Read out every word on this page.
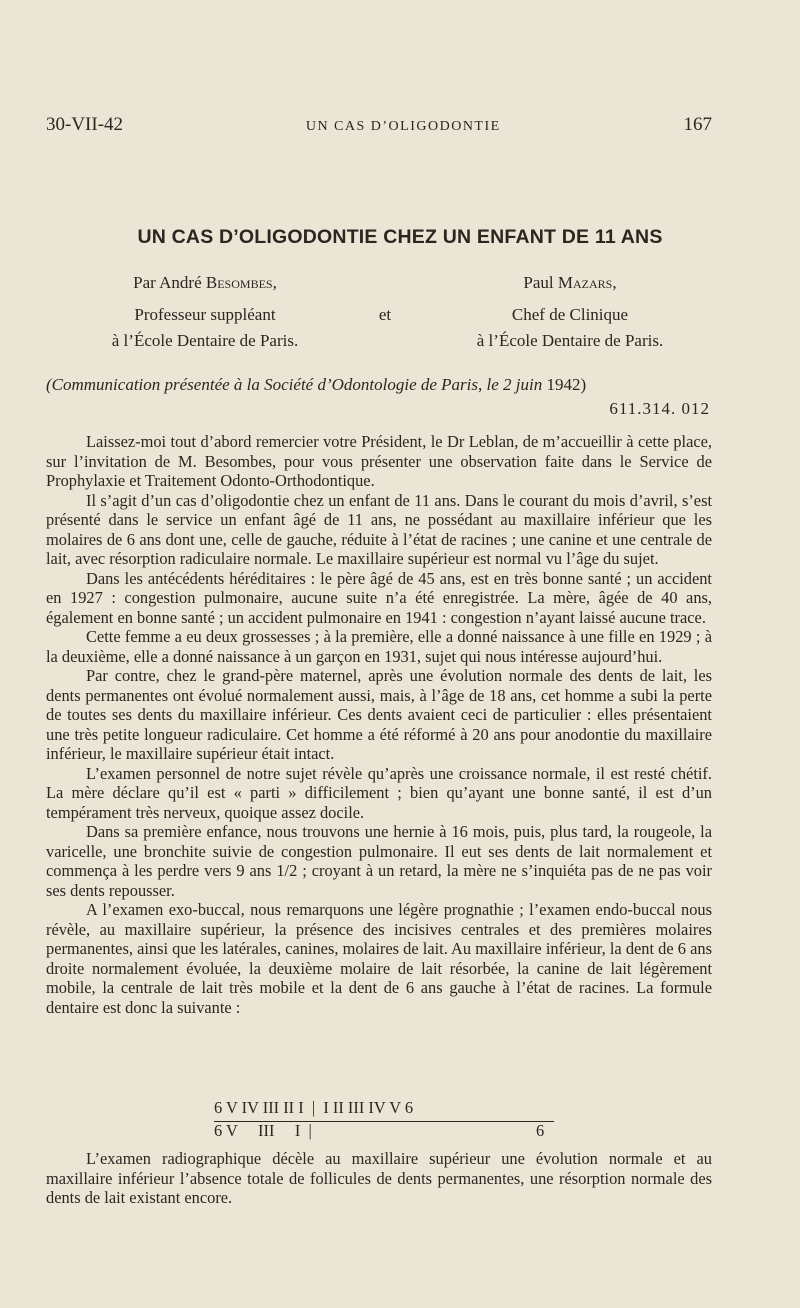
30-VII-42	UN CAS D’OLIGODONTIE	167
UN CAS D’OLIGODONTIE CHEZ UN ENFANT DE 11 ANS
Par André Besombes,	Paul Mazars,
Professeur suppléant	et	Chef de Clinique
à l’École Dentaire de Paris.	à l’École Dentaire de Paris.
(Communication présentée à la Société d’Odontologie de Paris, le 2 juin 1942)
611.314. 012

Laissez-moi tout d’abord remercier votre Président, le Dr Leblan, de m’accueillir à cette place, sur l’invitation de M. Besombes, pour vous présenter une observation faite dans le Service de Prophylaxie et Traitement Odonto-Orthodontique.

Il s’agit d’un cas d’oligodontie chez un enfant de 11 ans. Dans le courant du mois d’avril, s’est présenté dans le service un enfant âgé de 11 ans, ne possédant au maxillaire inférieur que les molaires de 6 ans dont une, celle de gauche, réduite à l’état de racines ; une canine et une centrale de lait, avec résorption radiculaire normale. Le maxillaire supérieur est normal vu l’âge du sujet.

Dans les antécédents héréditaires : le père âgé de 45 ans, est en très bonne santé ; un accident en 1927 : congestion pulmonaire, aucune suite n’a été enregistrée. La mère, âgée de 40 ans, également en bonne santé ; un accident pulmonaire en 1941 : congestion n’ayant laissé aucune trace.

Cette femme a eu deux grossesses ; à la première, elle a donné naissance à une fille en 1929 ; à la deuxième, elle a donné naissance à un garçon en 1931, sujet qui nous intéresse aujourd’hui.

Par contre, chez le grand-père maternel, après une évolution normale des dents de lait, les dents permanentes ont évolué normalement aussi, mais, à l’âge de 18 ans, cet homme a subi la perte de toutes ses dents du maxillaire inférieur. Ces dents avaient ceci de particulier : elles présentaient une très petite longueur radiculaire. Cet homme a été réformé à 20 ans pour anodontie du maxillaire inférieur, le maxillaire supérieur était intact.

L’examen personnel de notre sujet révèle qu’après une croissance normale, il est resté chétif. La mère déclare qu’il est « parti » difficilement ; bien qu’ayant une bonne santé, il est d’un tempérament très nerveux, quoique assez docile.

Dans sa première enfance, nous trouvons une hernie à 16 mois, puis, plus tard, la rougeole, la varicelle, une bronchite suivie de congestion pulmonaire. Il eut ses dents de lait normalement et commença à les perdre vers 9 ans 1/2 ; croyant à un retard, la mère ne s’inquiéta pas de ne pas voir ses dents repousser.

A l’examen exo-buccal, nous remarquons une légère prognathie ; l’examen endo-buccal nous révèle, au maxillaire supérieur, la présence des incisives centrales et des premières molaires permanentes, ainsi que les latérales, canines, molaires de lait. Au maxillaire inférieur, la dent de 6 ans droite normalement évoluée, la deuxième molaire de lait résorbée, la canine de lait légèrement mobile, la centrale de lait très mobile et la dent de 6 ans gauche à l’état de racines. La formule dentaire est donc la suivante :

6 V IV III II I  |  I II III IV V 6
6 V     III     I  |	6

L’examen radiographique décèle au maxillaire supérieur une évolution normale et au maxillaire inférieur l’absence totale de follicules de dents permanentes, une résorption normale des dents de lait existant encore.
